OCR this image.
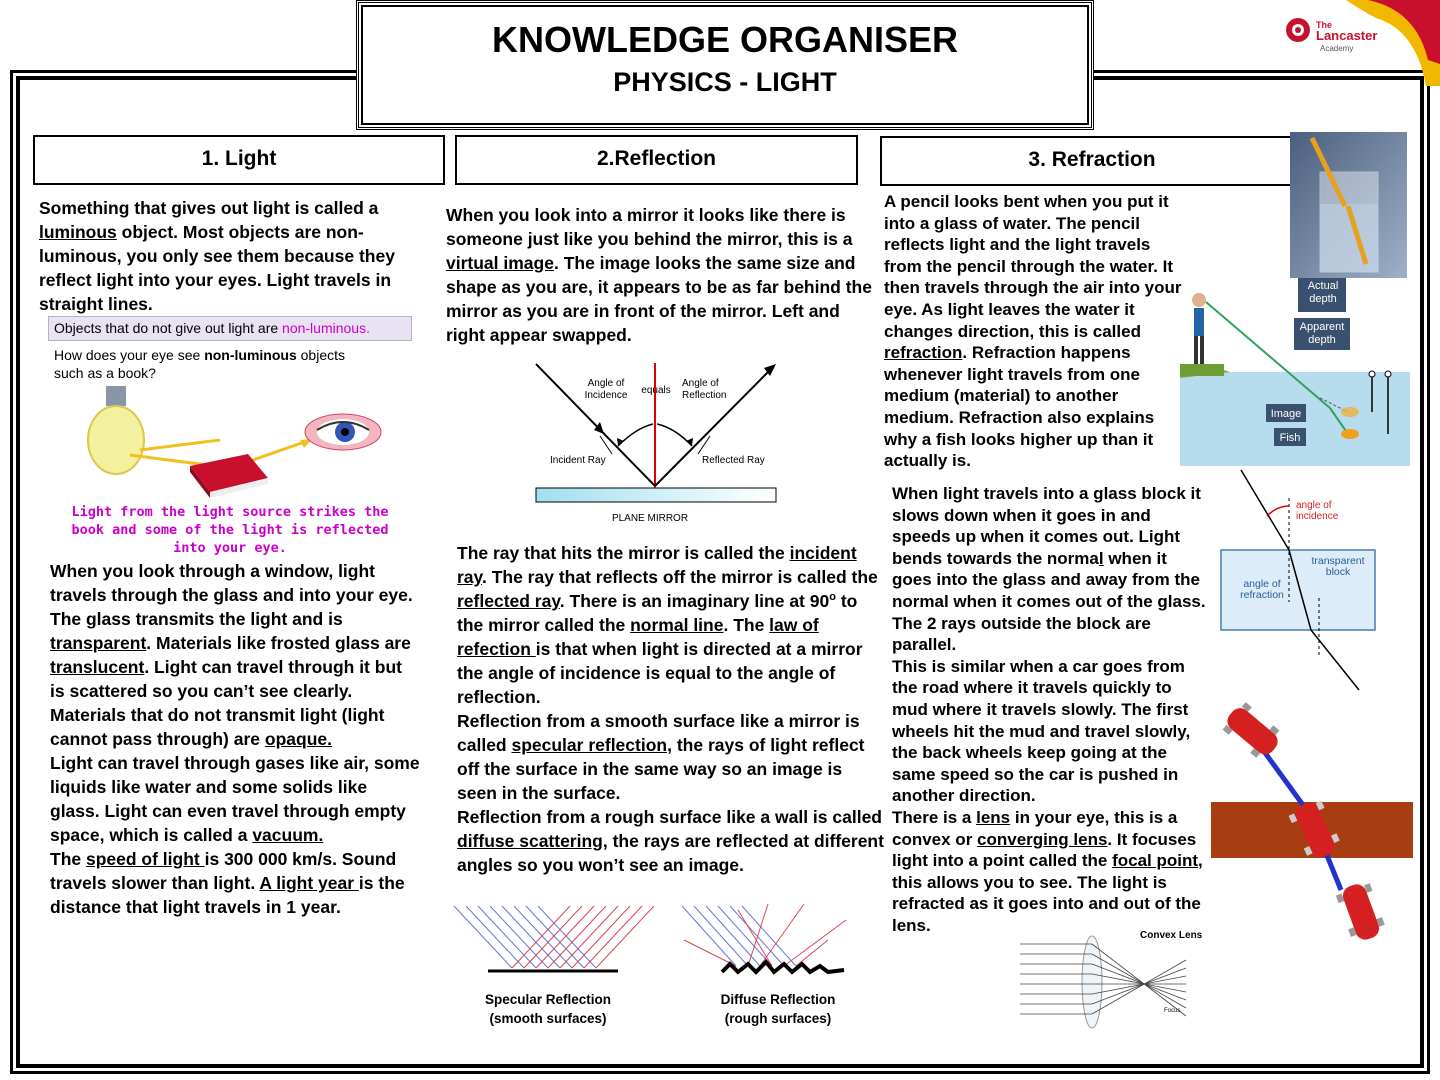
KNOWLEDGE ORGANISER
PHYSICS - LIGHT
The
Lancaster
Academy
1. Light
Something that gives out light is called a luminous object. Most objects are non-luminous, you only see them because they reflect light into your eyes. Light travels in straight lines.
Objects that do not give out light are non-luminous.
How does your eye see non-luminous objects such as a book?
Light from the light source strikes the book and some of the light is reflected into your eye.
When you look through a window, light travels through the glass and into your eye. The glass transmits the light and is transparent. Materials like frosted glass are translucent. Light can travel through it but is scattered so you can’t see clearly. Materials that do not transmit light (light cannot pass through) are opaque.
Light can travel through gases like air, some liquids like water and some solids like glass. Light can even travel through empty space, which is called a vacuum.
The speed of light is 300 000 km/s. Sound travels slower than light. A light year is the distance that light travels in 1 year.
2.Reflection
When you look into a mirror it looks like there is someone just like you behind the mirror, this is a virtual image. The image looks the same size and shape as you are, it appears to be as far behind the mirror as you are in front of the mirror. Left and right appear swapped.
Angle of Incidence	equals
Angle of Reflection
Incident Ray	Reflected Ray
PLANE MIRROR
The ray that hits the mirror is called the incident ray. The ray that reflects off the mirror is called the reflected ray. There is an imaginary line at 90$^o$ to the mirror called the normal line. The law of refection is that when light is directed at a mirror the angle of incidence is equal to the angle of reflection.
Reflection from a smooth surface like a mirror is called specular reflection, the rays of light reflect off the surface in the same way so an image is seen in the surface.
Reflection from a rough surface like a wall is called diffuse scattering, the rays are reflected at different angles so you won’t see an image.
Specular Reflection
(smooth surfaces)
Diffuse Reflection
(rough surfaces)
3. Refraction
A pencil looks bent when you put it into a glass of water. The pencil reflects light and the light travels from the pencil through the water. It then travels through the air into your eye. As light leaves the water it changes direction, this is called refraction. Refraction happens whenever light travels from one medium (material) to another medium. Refraction also explains why a fish looks higher up than it actually is.
Actual depth
Apparent depth
Image
Fish
When light travels into a glass block it slows down when it goes in and speeds up when it comes out. Light bends towards the normal when it goes into the glass and away from the normal when it comes out of the glass. The 2 rays outside the block are parallel.
This is similar when a car goes from the road where it travels quickly to mud where it travels slowly. The first wheels hit the mud and travel slowly, the back wheels keep going at the same speed so the car is pushed in another direction.
There is a lens in your eye, this is a convex or converging lens. It focuses light into a point called the focal point, this allows you to see. The light is refracted as it goes into and out of the lens.
angle of incidence
transparent block
angle of refraction
Convex Lens
Focus
